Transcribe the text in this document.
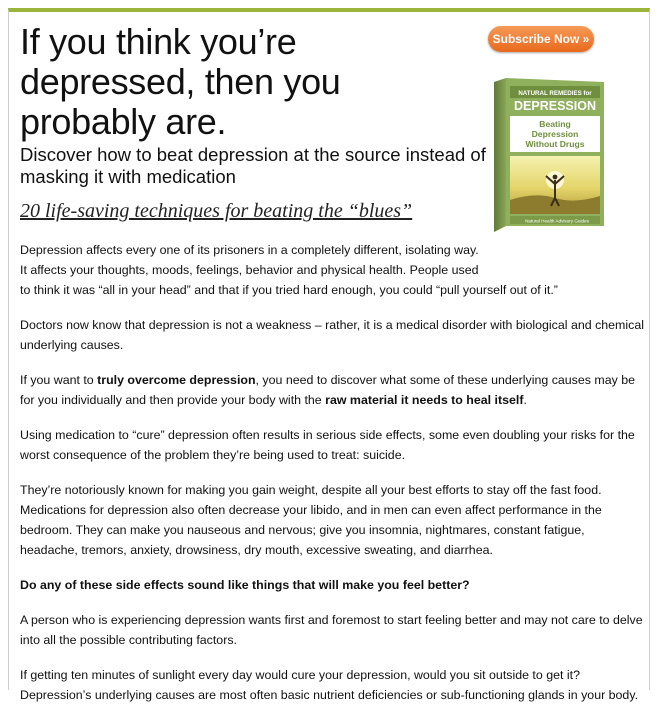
If you think you’re depressed, then you probably are.
Subscribe Now »
NATURAL REMEDIES for
DEPRESSION
Beating
Depression
Without Drugs
Natural Health Advisory Guides
Discover how to beat depression at the source instead of masking it with medication

20 life-saving techniques for beating the “blues”

Depression affects every one of its prisoners in a completely different, isolating way. It affects your thoughts, moods, feelings, behavior and physical health. People used

to think it was “all in your head” and that if you tried hard enough, you could “pull yourself out of it.”

Doctors now know that depression is not a weakness – rather, it is a medical disorder with biological and chemical underlying causes.

If you want to truly overcome depression, you need to discover what some of these underlying causes may be for you individually and then provide your body with the raw material it needs to heal itself.

Using medication to “cure” depression often results in serious side effects, some even doubling your risks for the worst consequence of the problem they’re being used to treat: suicide.

They’re notoriously known for making you gain weight, despite all your best efforts to stay off the fast food. Medications for depression also often decrease your libido, and in men can even affect performance in the bedroom. They can make you nauseous and nervous; give you insomnia, nightmares, constant fatigue, headache, tremors, anxiety, drowsiness, dry mouth, excessive sweating, and diarrhea.

Do any of these side effects sound like things that will make you feel better?

A person who is experiencing depression wants first and foremost to start feeling better and may not care to delve into all the possible contributing factors.

If getting ten minutes of sunlight every day would cure your depression, would you sit outside to get it? Depression’s underlying causes are most often basic nutrient deficiencies or sub-functioning glands in your body.
